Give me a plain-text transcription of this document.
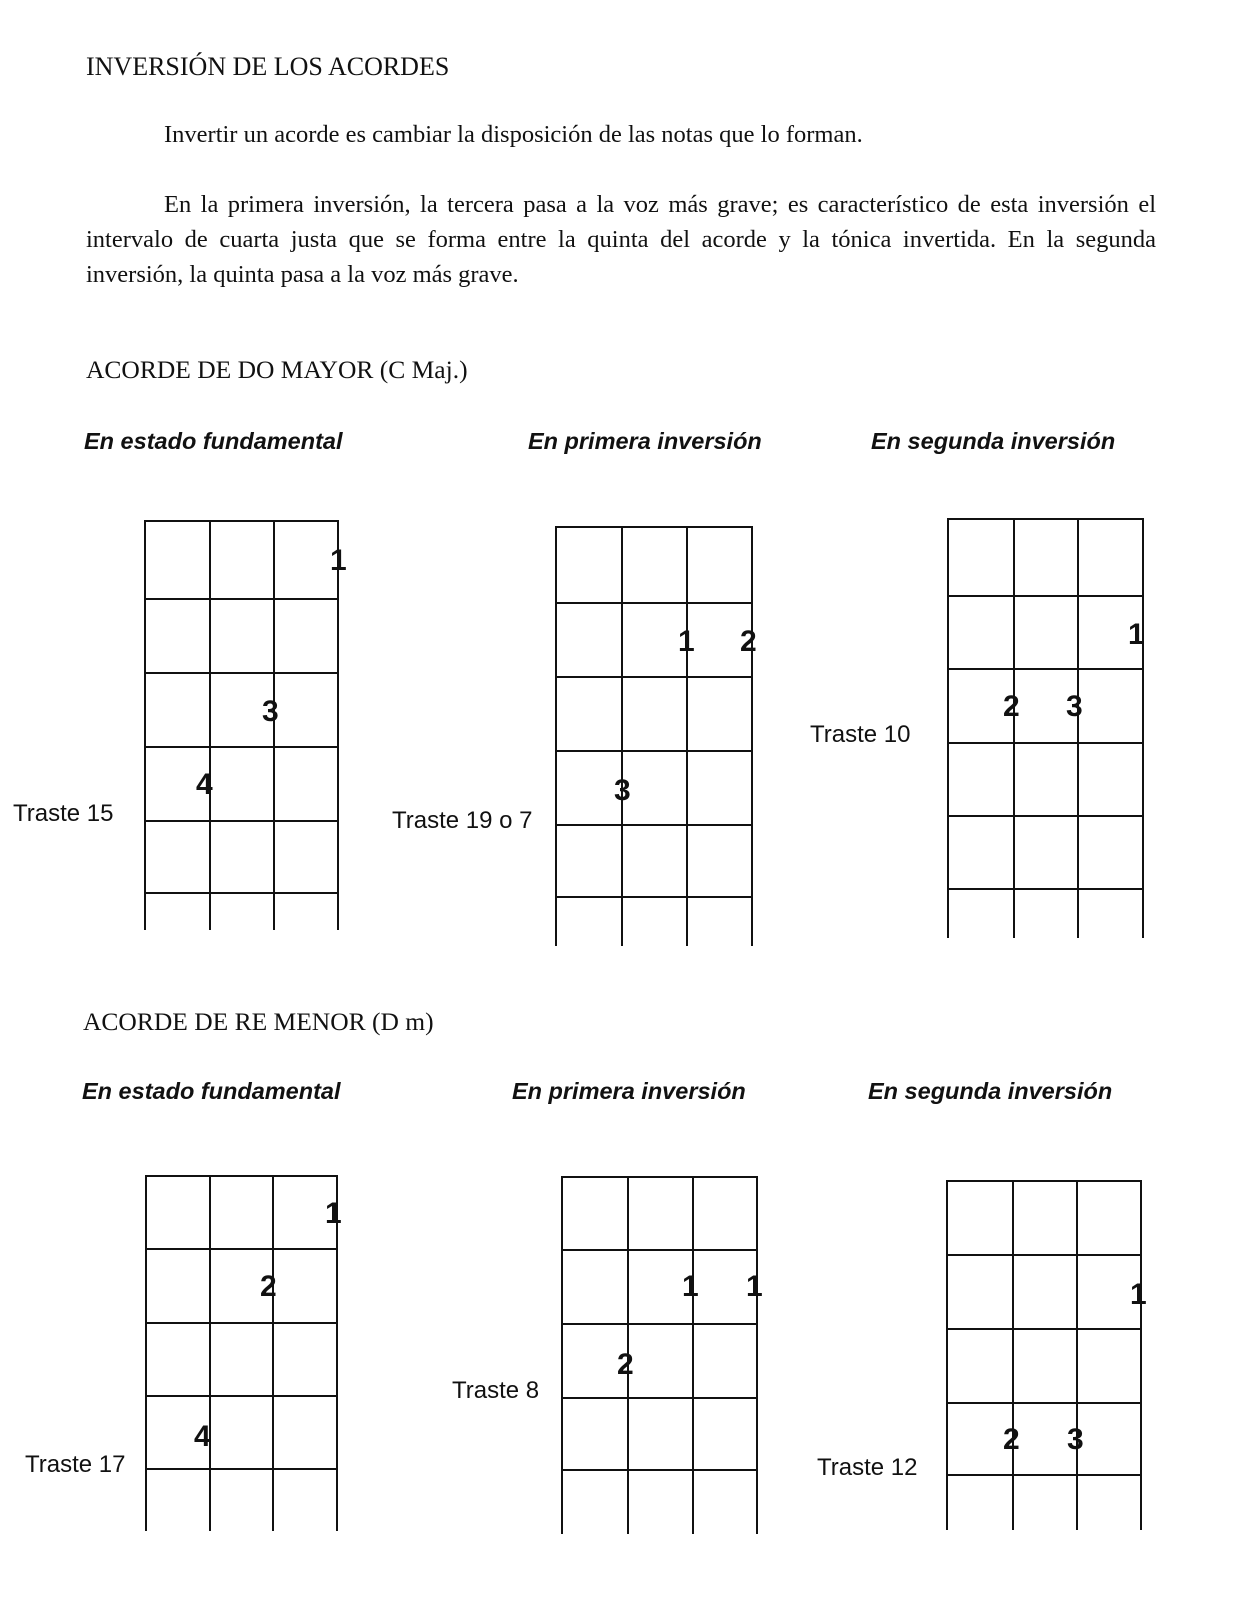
INVERSIÓN DE LOS ACORDES
Invertir un acorde es cambiar la disposición de las notas que lo forman.
En la primera inversión, la tercera pasa a la voz más grave; es característico de esta inversión el intervalo de cuarta justa que se forma entre la quinta del acorde y la tónica invertida. En la segunda inversión, la quinta pasa a la voz más grave.
ACORDE DE DO MAYOR (C Maj.)
En estado fundamental	En primera inversión	En segunda inversión
1
3
4
Traste 15
1 2
3
Traste 19 o 7
1
2 3
Traste 10
ACORDE DE RE MENOR (D m)
En estado fundamental	En primera inversión	En segunda inversión
1
2
4
Traste 17
1 1
2
Traste 8
1
2 3
Traste 12
